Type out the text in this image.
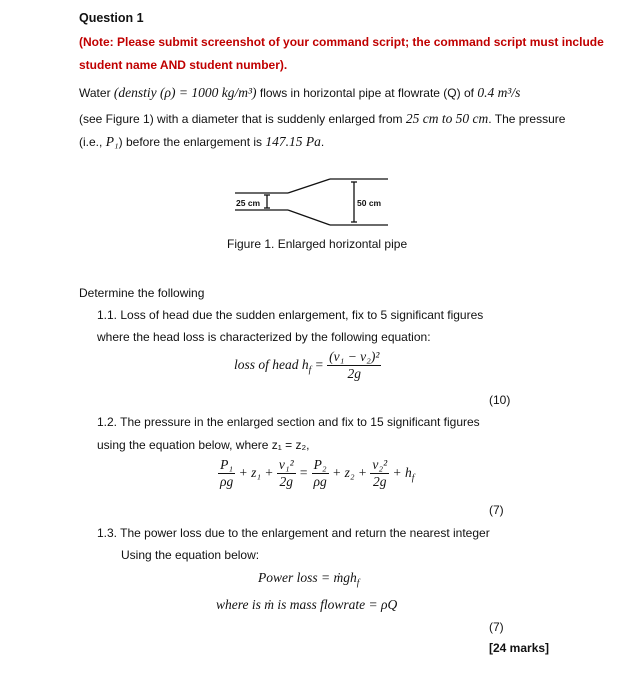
Question 1
(Note: Please submit screenshot of your command script; the command script must include
student name AND student number).
Water (denstiy (ρ) = 1000 kg/m³) flows in horizontal pipe at flowrate (Q) of 0.4 m³/s
(see Figure 1) with a diameter that is suddenly enlarged from 25 cm to 50 cm. The pressure
(i.e., P₁) before the enlargement is 147.15 Pa.
25 cm	50 cm
Figure 1. Enlarged horizontal pipe
Determine the following
1.1. Loss of head due the sudden enlargement, fix to 5 significant figures
where the head loss is characterized by the following equation:
loss of head $h_f = \frac{\text{(v₁ − v₂)²}}{2g}$
(10)
1.2. The pressure in the enlarged section and fix to 15 significant figures
using the equation below, where z₁ = z₂,
$\frac{\text{P₁}}{\rho g} + z_1 + \frac{\text{v₁²}}{2g} = \frac{\text{P₂}}{\rho g} + z_2 + \frac{\text{v₂²}}{2g} + h_f$
(7)
1.3. The power loss due to the enlargement and return the nearest integer
Using the equation below:
Power loss = ṁgh$_f$
where is ṁ is mass flowrate = ρQ
(7)
[24 marks]
